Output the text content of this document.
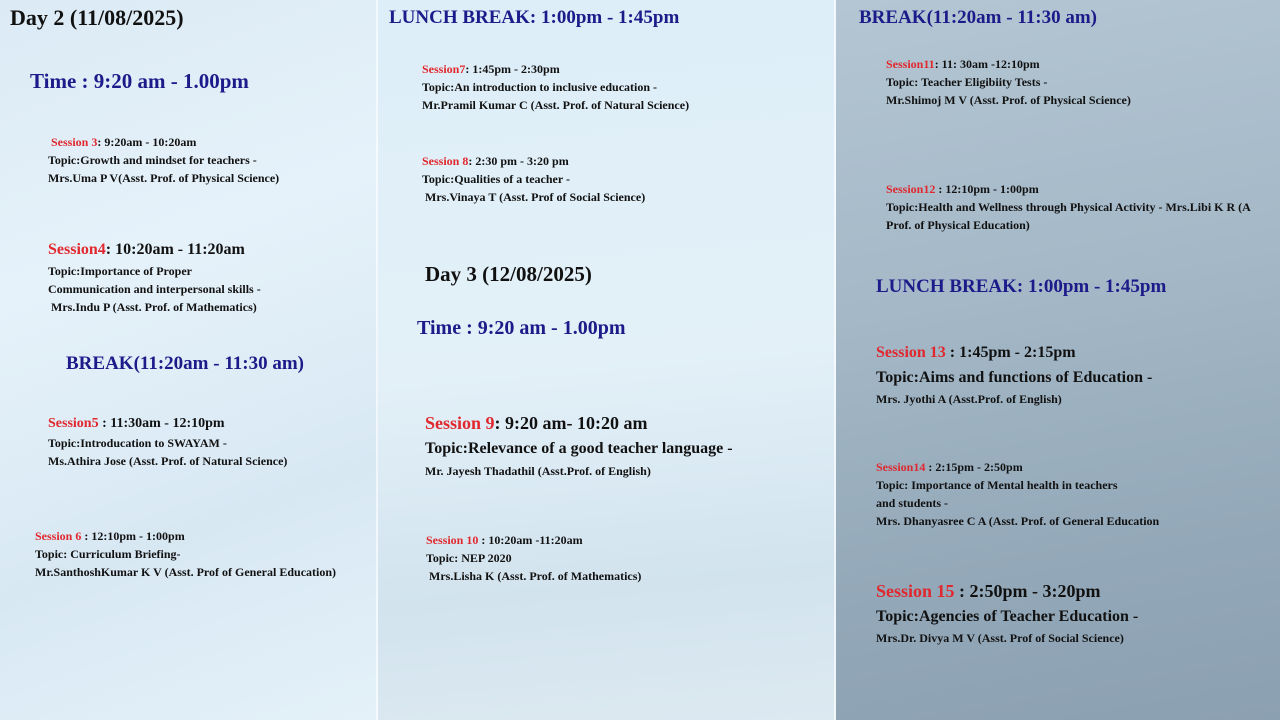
Day 2 (11/08/2025)
Time : 9:20 am - 1.00pm
Session 3: 9:20am - 10:20am
Topic:Growth and mindset for teachers -
Mrs.Uma P V(Asst. Prof. of Physical Science)
Session4: 10:20am - 11:20am
Topic:Importance of Proper
Communication and interpersonal skills -
Mrs.Indu P (Asst. Prof. of Mathematics)
BREAK(11:20am - 11:30 am)
Session5 : 11:30am - 12:10pm
Topic:Introducation to SWAYAM -
Ms.Athira Jose (Asst. Prof. of Natural Science)
Session 6 : 12:10pm - 1:00pm
Topic: Curriculum Briefing-
Mr.SanthoshKumar K V (Asst. Prof of General Education)
LUNCH BREAK: 1:00pm - 1:45pm
Session7: 1:45pm - 2:30pm
Topic:An introduction to inclusive education -
Mr.Pramil Kumar C (Asst. Prof. of Natural Science)
Session 8: 2:30 pm - 3:20 pm
Topic:Qualities of a teacher -
Mrs.Vinaya T (Asst. Prof of Social Science)
Day 3 (12/08/2025)
Time : 9:20 am - 1.00pm
Session 9: 9:20 am- 10:20 am
Topic:Relevance of a good teacher language -
Mr. Jayesh Thadathil (Asst.Prof. of English)
Session 10 : 10:20am -11:20am
Topic: NEP 2020
Mrs.Lisha K (Asst. Prof. of Mathematics)
BREAK(11:20am - 11:30 am)
Session11: 11: 30am -12:10pm
Topic: Teacher Eligibiity Tests -
Mr.Shimoj M V (Asst. Prof. of Physical Science)
Session12 : 12:10pm - 1:00pm
Topic:Health and Wellness through Physical Activity - Mrs.Libi K R (A
Prof. of Physical Education)
LUNCH BREAK: 1:00pm - 1:45pm
Session 13 : 1:45pm - 2:15pm
Topic:Aims and functions of Education -
Mrs. Jyothi A (Asst.Prof. of English)
Session14 : 2:15pm - 2:50pm
Topic: Importance of Mental health in teachers
and students -
Mrs. Dhanyasree C A (Asst. Prof. of General Education
Session 15 : 2:50pm - 3:20pm
Topic:Agencies of Teacher Education -
Mrs.Dr. Divya M V (Asst. Prof of Social Science)
